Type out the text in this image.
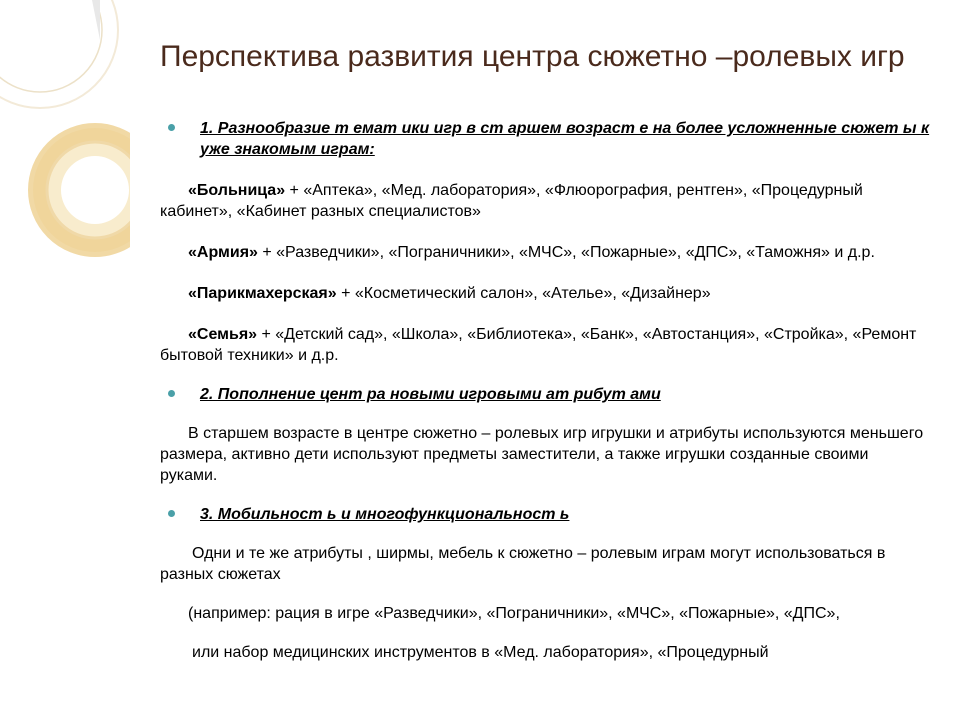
Перспектива развития центра сюжетно –ролевых игр
1. Разнообразие т емат ики игр в ст аршем возраст е на более усложненные сюжет ы к уже знакомым играм:
«Больница» + «Аптека», «Мед. лаборатория», «Флюорография, рентген», «Процедурный кабинет», «Кабинет разных специалистов»
«Армия» + «Разведчики», «Пограничники», «МЧС», «Пожарные», «ДПС», «Таможня» и д.р.
«Парикмахерская» + «Косметический салон», «Ателье», «Дизайнер»
«Семья» + «Детский сад», «Школа», «Библиотека», «Банк», «Автостанция», «Стройка», «Ремонт бытовой техники» и д.р.
2. Пополнение цент ра новыми игровыми ат рибут ами
В старшем возрасте в центре сюжетно – ролевых игр игрушки и атрибуты используются меньшего размера, активно дети используют предметы заместители, а также игрушки созданные своими руками.
3. Мобильност ь и многофункциональност ь
Одни и те же атрибуты , ширмы, мебель к сюжетно – ролевым играм могут использоваться в разных сюжетах
(например: рация в игре «Разведчики», «Пограничники», «МЧС», «Пожарные», «ДПС»,
или набор медицинских инструментов в «Мед. лаборатория», «Процедурный
